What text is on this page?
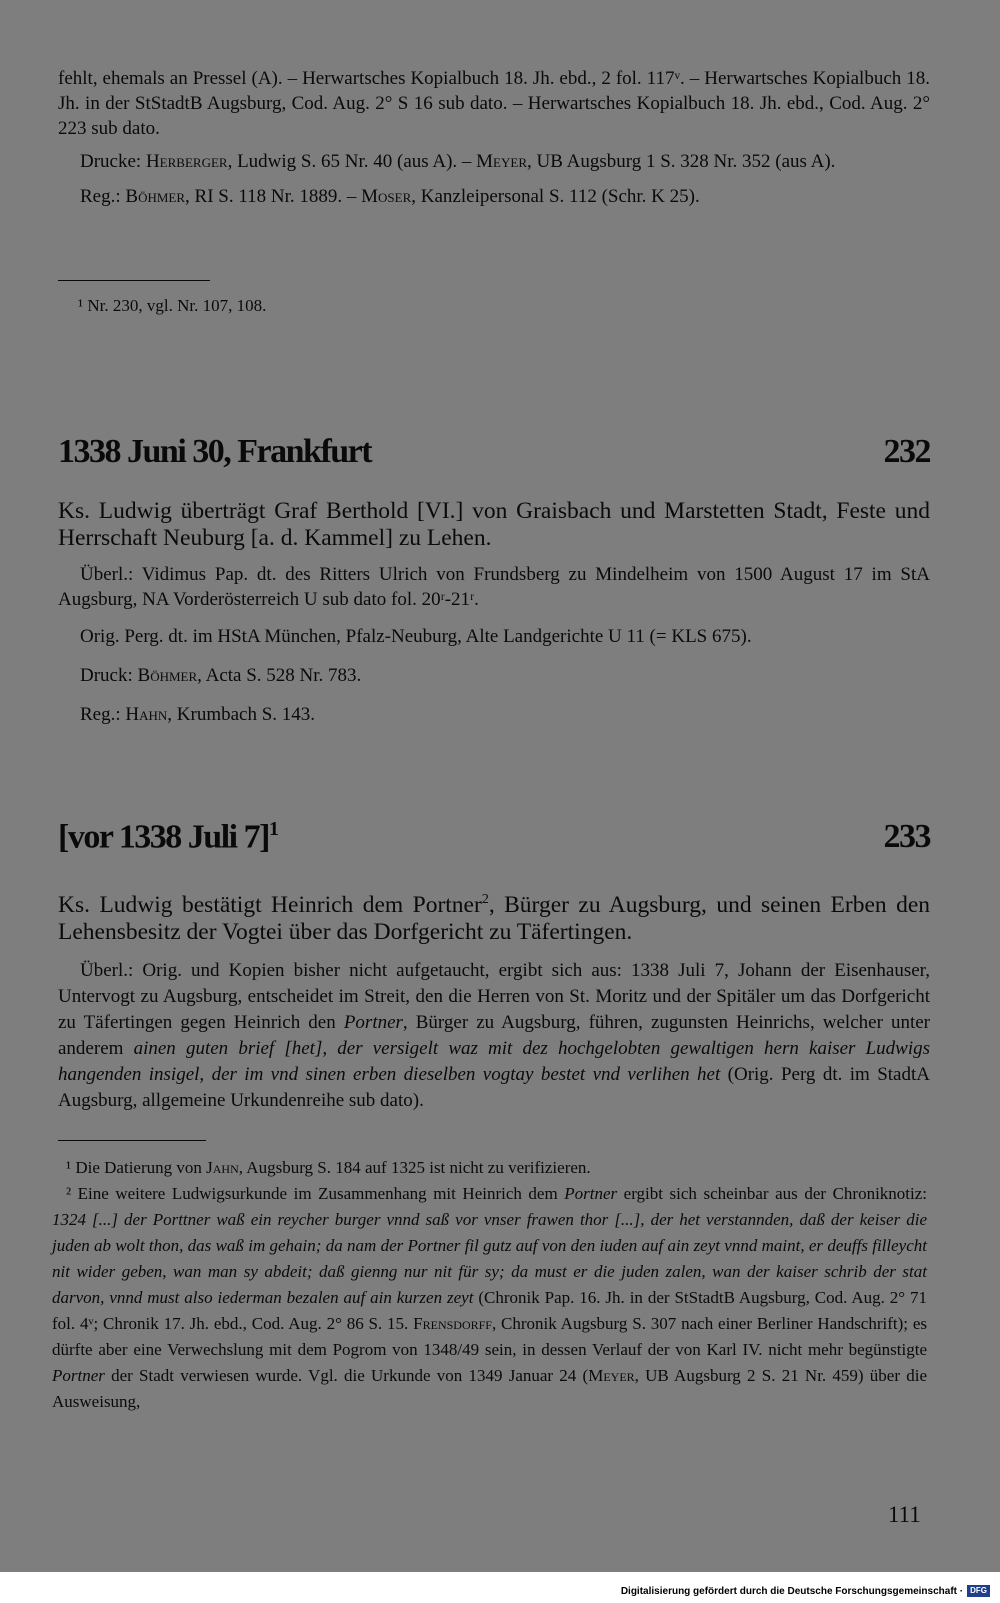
fehlt, ehemals an Pressel (A). – Herwartsches Kopialbuch 18. Jh. ebd., 2 fol. 117ᵛ. – Herwartsches Kopialbuch 18. Jh. in der StStadtB Augsburg, Cod. Aug. 2° S 16 sub dato. – Herwartsches Kopialbuch 18. Jh. ebd., Cod. Aug. 2° 223 sub dato.

Drucke: Herberger, Ludwig S. 65 Nr. 40 (aus A). – Meyer, UB Augsburg 1 S. 328 Nr. 352 (aus A).

Reg.: Böhmer, RI S. 118 Nr. 1889. – Moser, Kanzleipersonal S. 112 (Schr. K 25).

¹ Nr. 230, vgl. Nr. 107, 108.

1338 Juni 30, Frankfurt	232

Ks. Ludwig überträgt Graf Berthold [VI.] von Graisbach und Marstetten Stadt, Feste und Herrschaft Neuburg [a. d. Kammel] zu Lehen.

Überl.: Vidimus Pap. dt. des Ritters Ulrich von Frundsberg zu Mindelheim von 1500 August 17 im StA Augsburg, NA Vorderösterreich U sub dato fol. 20ʳ-21ʳ.

Orig. Perg. dt. im HStA München, Pfalz-Neuburg, Alte Landgerichte U 11 (= KLS 675).

Druck: Böhmer, Acta S. 528 Nr. 783.

Reg.: Hahn, Krumbach S. 143.

[vor 1338 Juli 7]$^1$	233

Ks. Ludwig bestätigt Heinrich dem Portner$^2$, Bürger zu Augsburg, und seinen Erben den Lehensbesitz der Vogtei über das Dorfgericht zu Täfertingen.

Überl.: Orig. und Kopien bisher nicht aufgetaucht, ergibt sich aus: 1338 Juli 7, Johann der Eisenhauser, Untervogt zu Augsburg, entscheidet im Streit, den die Herren von St. Moritz und der Spitäler um das Dorfgericht zu Täfertingen gegen Heinrich den Portner, Bürger zu Augsburg, führen, zugunsten Heinrichs, welcher unter anderem ainen guten brief [het], der versigelt waz mit dez hochgelobten gewaltigen hern kaiser Ludwigs hangenden insigel, der im vnd sinen erben dieselben vogtay bestet vnd verlihen het (Orig. Perg dt. im StadtA Augsburg, allgemeine Urkundenreihe sub dato).

¹ Die Datierung von Jahn, Augsburg S. 184 auf 1325 ist nicht zu verifizieren.

² Eine weitere Ludwigsurkunde im Zusammenhang mit Heinrich dem Portner ergibt sich scheinbar aus der Chroniknotiz: 1324 [...] der Porttner waß ein reycher burger vnnd saß vor vnser frawen thor [...], der het verstannden, daß der keiser die juden ab wolt thon, das waß im gehain; da nam der Portner fil gutz auf von den iuden auf ain zeyt vnnd maint, er deuffs filleycht nit wider geben, wan man sy abdeit; daß gienng nur nit für sy; da must er die juden zalen, wan der kaiser schrib der stat darvon, vnnd must also iederman bezalen auf ain kurzen zeyt (Chronik Pap. 16. Jh. in der StStadtB Augsburg, Cod. Aug. 2° 71 fol. 4ᵛ; Chronik 17. Jh. ebd., Cod. Aug. 2° 86 S. 15. Frensdorff, Chronik Augsburg S. 307 nach einer Berliner Handschrift); es dürfte aber eine Verwechslung mit dem Pogrom von 1348/49 sein, in dessen Verlauf der von Karl IV. nicht mehr begünstigte Portner der Stadt verwiesen wurde. Vgl. die Urkunde von 1349 Januar 24 (Meyer, UB Augsburg 2 S. 21 Nr. 459) über die Ausweisung,

111
Digitalisierung gefördert durch die Deutsche Forschungsgemeinschaft · DFG
